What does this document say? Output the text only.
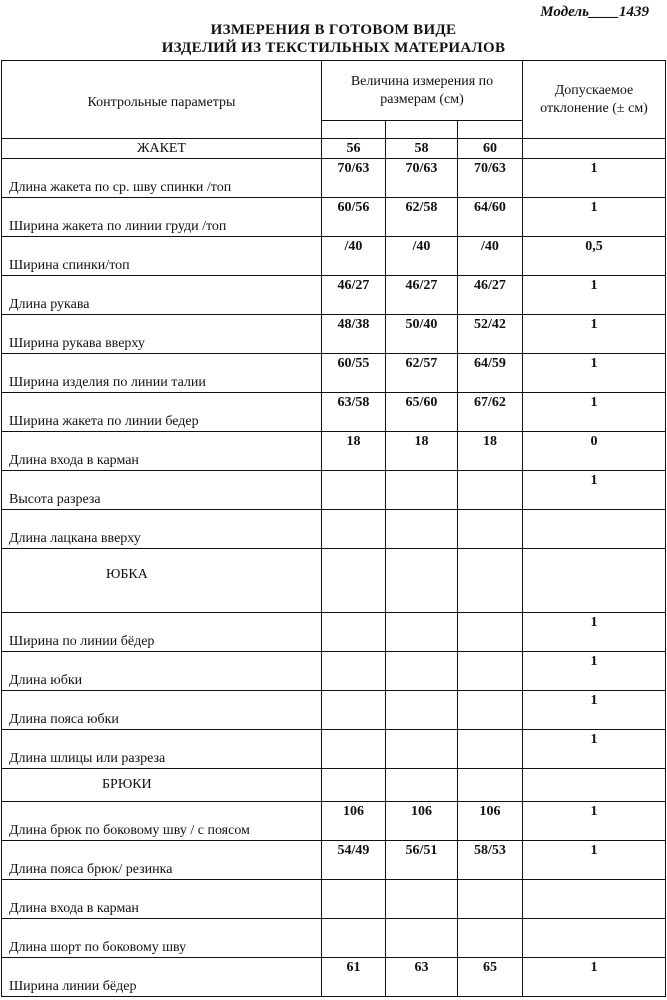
Модель____1439
ИЗМЕРЕНИЯ В ГОТОВОМ ВИДЕ
ИЗДЕЛИЙ ИЗ ТЕКСТИЛЬНЫХ МАТЕРИАЛОВ
Контрольные параметры	Величина измерения по размерам (см)			Допускаемое отклонение (± см)

ЖАКЕТ	56	58	60	
Длина жакета по ср. шву спинки /топ	70/63	70/63	70/63	1
Ширина жакета по линии груди /топ	60/56	62/58	64/60	1
Ширина спинки/топ	/40	/40	/40	0,5
Длина рукава	46/27	46/27	46/27	1
Ширина рукава вверху	48/38	50/40	52/42	1
Ширина изделия по линии талии	60/55	62/57	64/59	1
Ширина жакета по линии бедер	63/58	65/60	67/62	1
Длина входа в карман	18	18	18	0
Высота разреза				1
Длина лацкана вверху				
ЮБКА				
Ширина по линии бёдер				1
Длина юбки				1
Длина пояса юбки				1
Длина шлицы или разреза				1
БРЮКИ				
Длина брюк по боковому шву / с поясом	106	106	106	1
Длина пояса брюк/ резинка	54/49	56/51	58/53	1
Длина входа в карман				
Длина шорт по боковому шву				
Ширина линии бёдер	61	63	65	1
